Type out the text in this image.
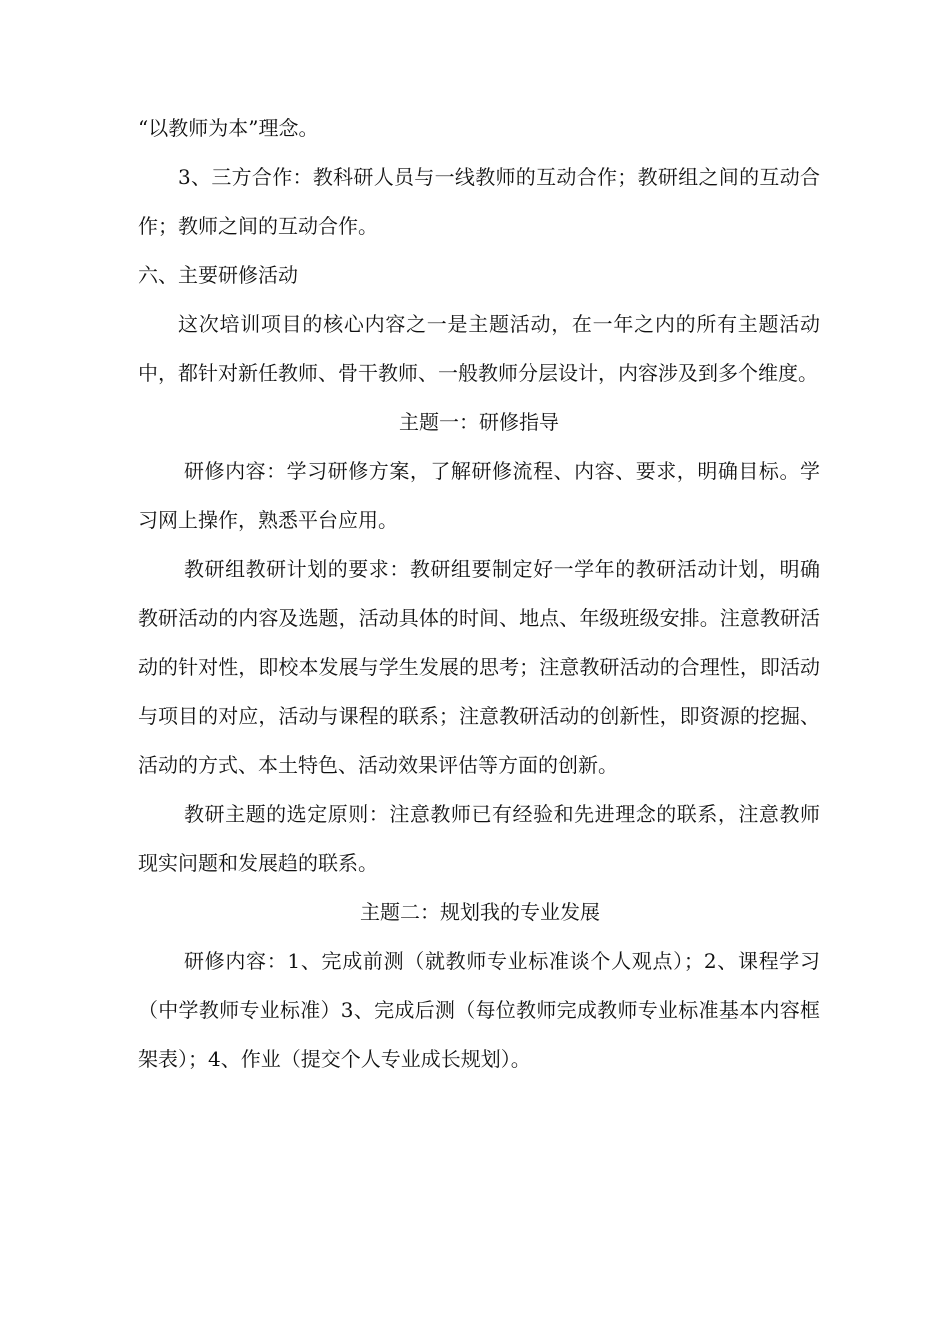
“以教师为本”理念。

3、三方合作：教科研人员与一线教师的互动合作；教研组之间的互动合作；教师之间的互动合作。

六、主要研修活动

这次培训项目的核心内容之一是主题活动，在一年之内的所有主题活动中，都针对新任教师、骨干教师、一般教师分层设计，内容涉及到多个维度。

主题一：研修指导

研修内容：学习研修方案，了解研修流程、内容、要求，明确目标。学习网上操作，熟悉平台应用。

教研组教研计划的要求：教研组要制定好一学年的教研活动计划，明确教研活动的内容及选题，活动具体的时间、地点、年级班级安排。注意教研活动的针对性，即校本发展与学生发展的思考；注意教研活动的合理性，即活动与项目的对应，活动与课程的联系；注意教研活动的创新性，即资源的挖掘、活动的方式、本土特色、活动效果评估等方面的创新。

教研主题的选定原则：注意教师已有经验和先进理念的联系，注意教师现实问题和发展趋的联系。

主题二：规划我的专业发展

研修内容：1、完成前测（就教师专业标准谈个人观点）；2、课程学习（中学教师专业标准）3、完成后测（每位教师完成教师专业标准基本内容框架表）；4、作业（提交个人专业成长规划）。
